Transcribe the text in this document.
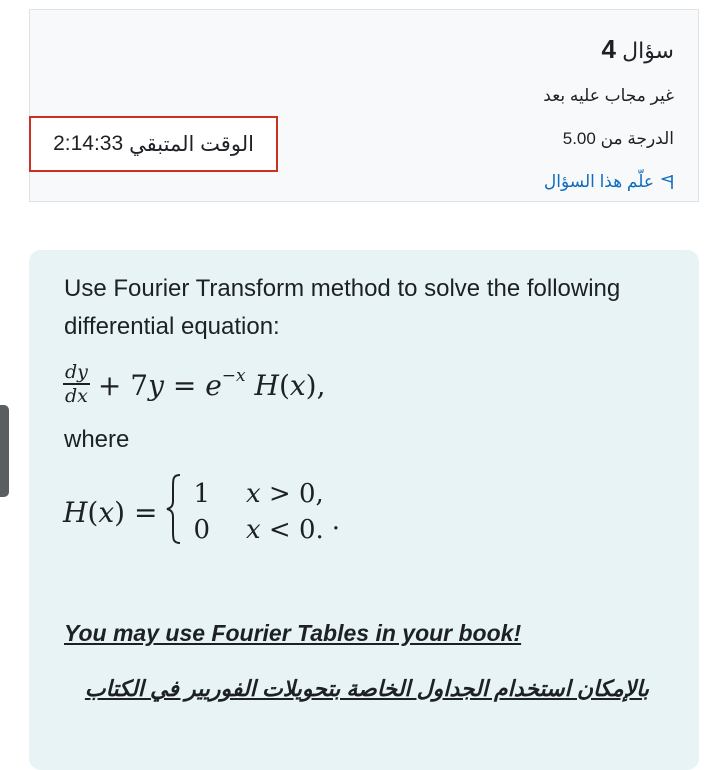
سؤال 4
غير مجاب عليه بعد
الدرجة من 5.00
علّم هذا السؤال
الوقت المتبقي
2:14:33
Use Fourier Transform method to solve the following differential equation:
$\frac{dy}{dx} + 7y = e^{-x}$ H(x),
where
H(x) =
1 x > 0,
0 x < 0. .
You may use Fourier Tables in your book!
بالإمكان استخدام الجداول الخاصة بتحويلات الفوريير في الكتاب
